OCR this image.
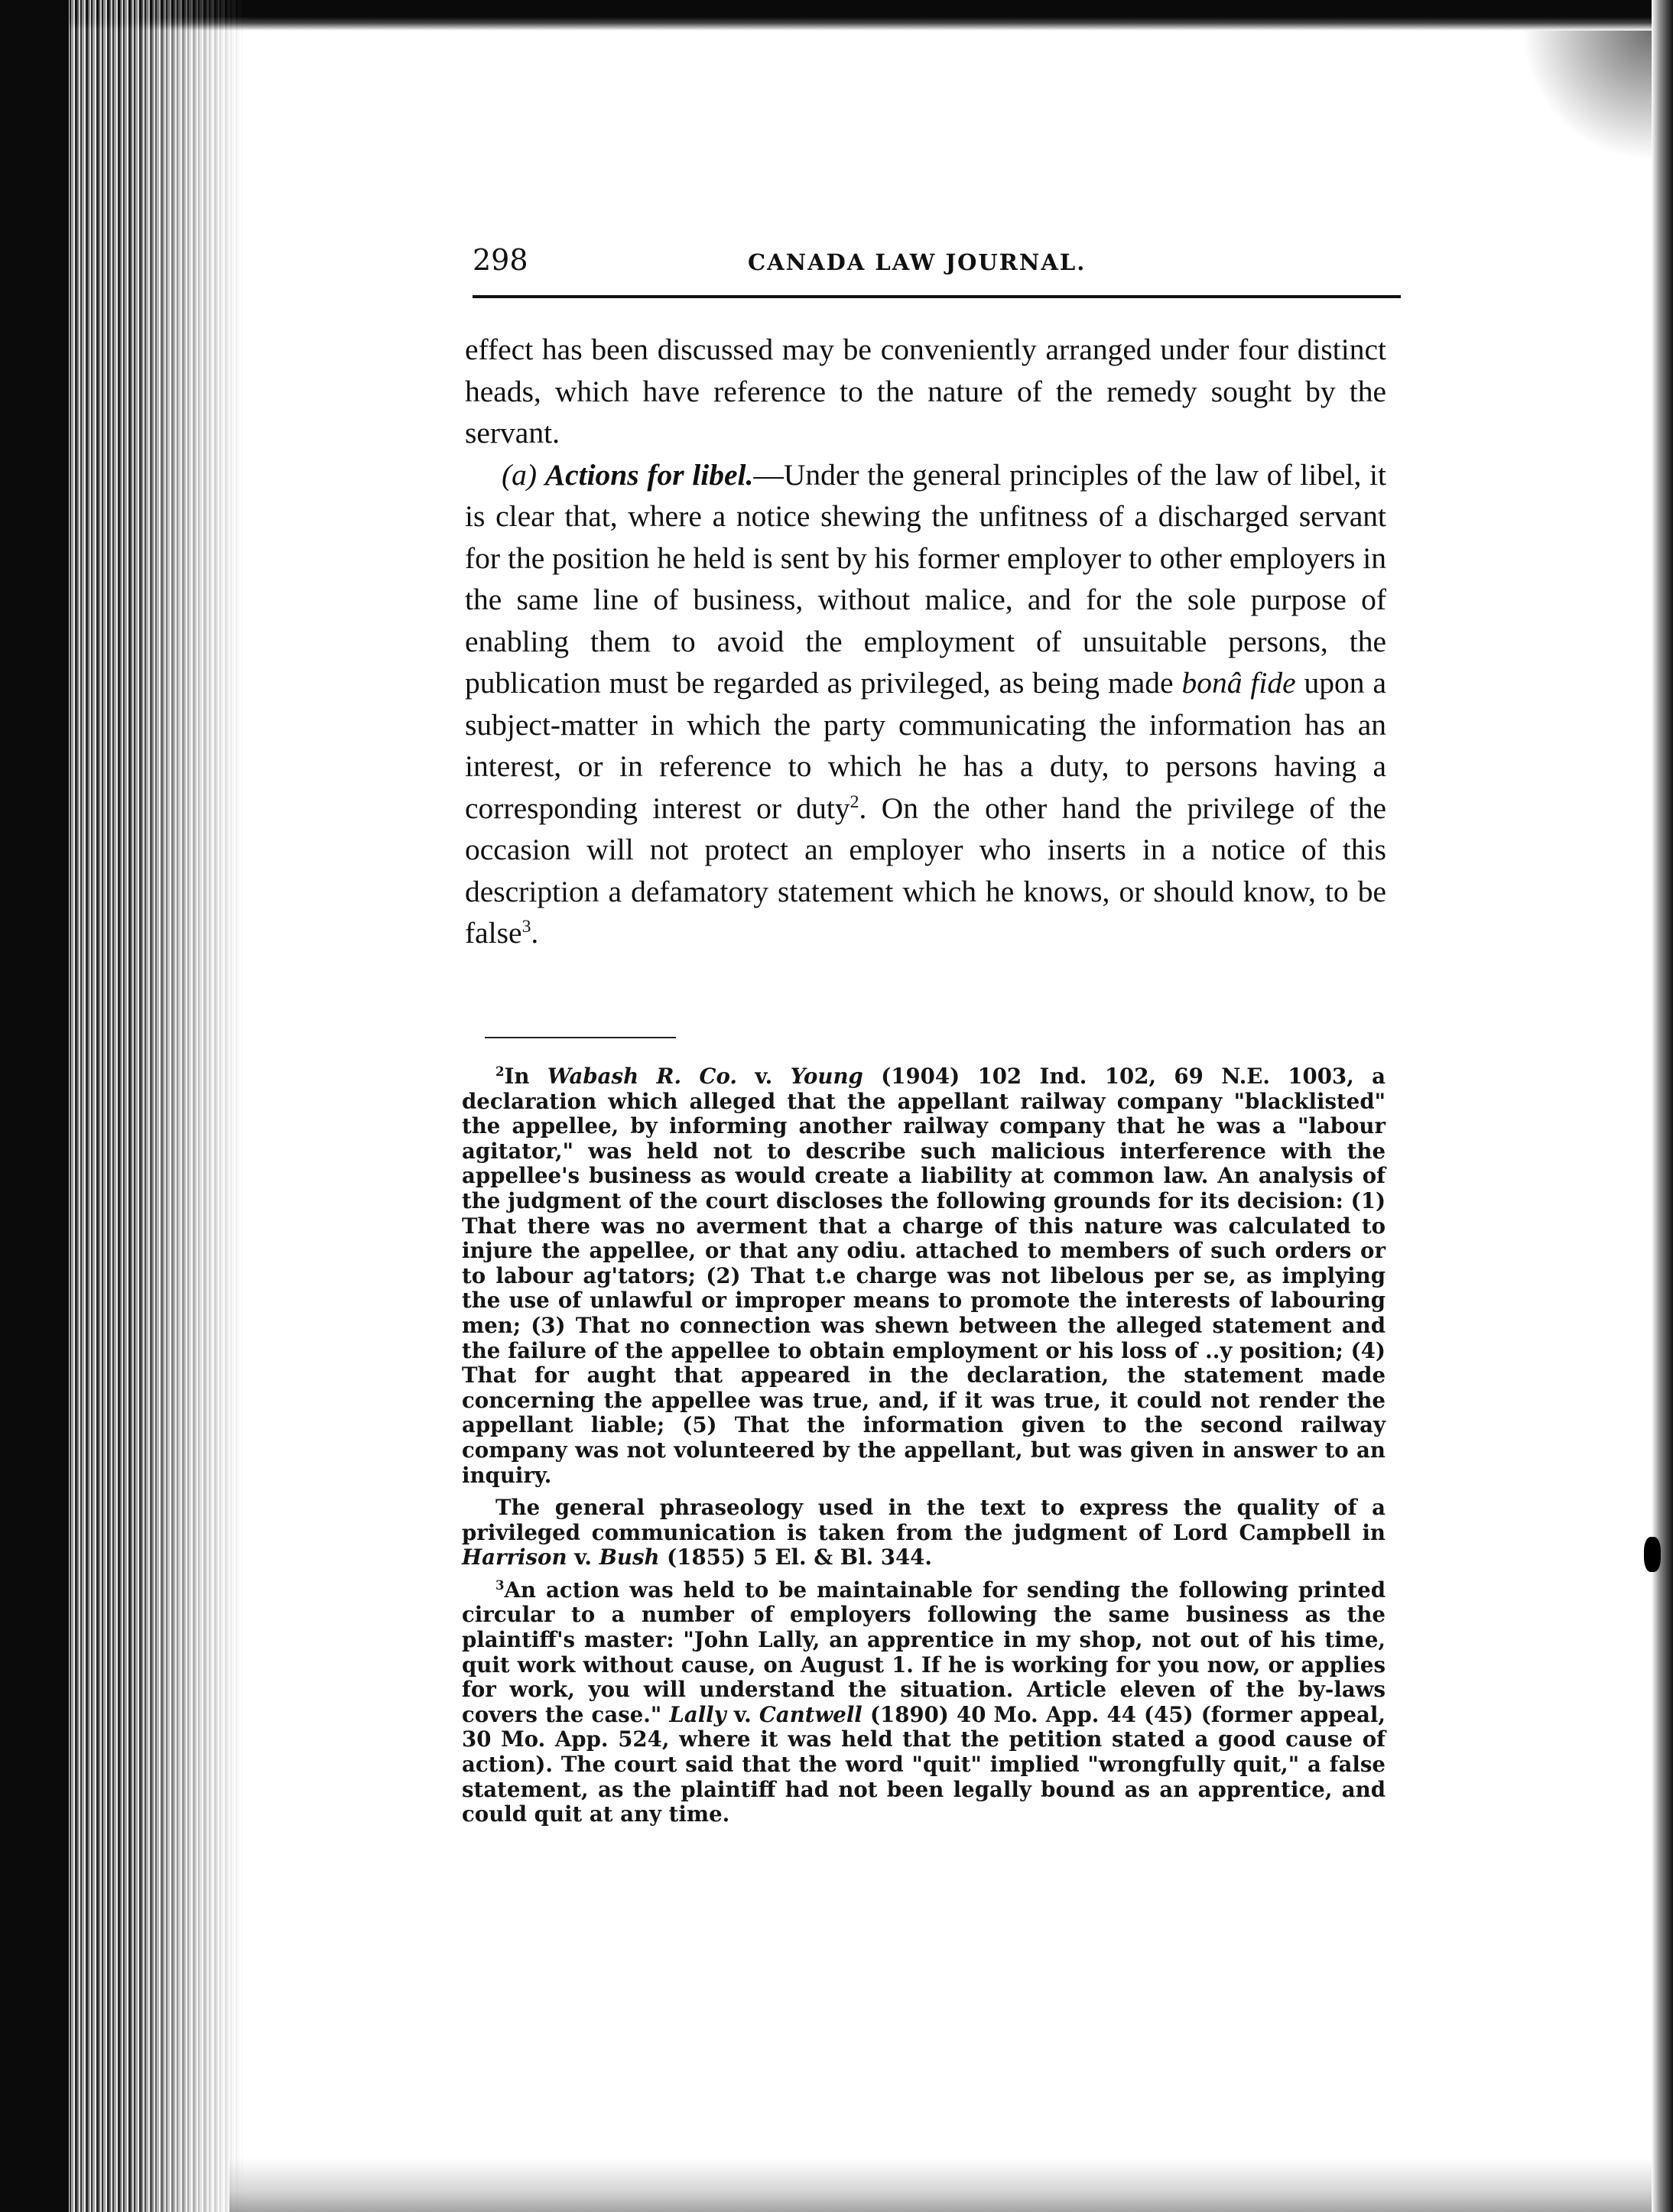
298	CANADA LAW JOURNAL.

effect has been discussed may be conveniently arranged under four distinct heads, which have reference to the nature of the remedy sought by the servant.

(a) Actions for libel.—Under the general principles of the law of libel, it is clear that, where a notice shewing the unfitness of a discharged servant for the position he held is sent by his former employer to other employers in the same line of business, without malice, and for the sole purpose of enabling them to avoid the employment of unsuitable persons, the publication must be regarded as privileged, as being made bonâ fide upon a subject-matter in which the party communicating the information has an interest, or in reference to which he has a duty, to persons having a corresponding interest or duty$^2$. On the other hand the privilege of the occasion will not protect an employer who inserts in a notice of this description a defamatory statement which he knows, or should know, to be false$^3$.

$^2$In Wabash R. Co. v. Young (1904) 102 Ind. 102, 69 N.E. 1003, a declaration which alleged that the appellant railway company "blacklisted" the appellee, by informing another railway company that he was a "labour agitator," was held not to describe such malicious interference with the appellee's business as would create a liability at common law. An analysis of the judgment of the court discloses the following grounds for its decision: (1) That there was no averment that a charge of this nature was calculated to injure the appellee, or that any odiu. attached to members of such orders or to labour ag'tators; (2) That t.e charge was not libelous per se, as implying the use of unlawful or improper means to promote the interests of labouring men; (3) That no connection was shewn between the alleged statement and the failure of the appellee to obtain employment or his loss of ..y position; (4) That for aught that appeared in the declaration, the statement made concerning the appellee was true, and, if it was true, it could not render the appellant liable; (5) That the information given to the second railway company was not volunteered by the appellant, but was given in answer to an inquiry.

The general phraseology used in the text to express the quality of a privileged communication is taken from the judgment of Lord Campbell in Harrison v. Bush (1855) 5 El. & Bl. 344.

$^3$An action was held to be maintainable for sending the following printed circular to a number of employers following the same business as the plaintiff's master: "John Lally, an apprentice in my shop, not out of his time, quit work without cause, on August 1. If he is working for you now, or applies for work, you will understand the situation. Article eleven of the by-laws covers the case." Lally v. Cantwell (1890) 40 Mo. App. 44 (45) (former appeal, 30 Mo. App. 524, where it was held that the petition stated a good cause of action). The court said that the word "quit" implied "wrongfully quit," a false statement, as the plaintiff had not been legally bound as an apprentice, and could quit at any time.
